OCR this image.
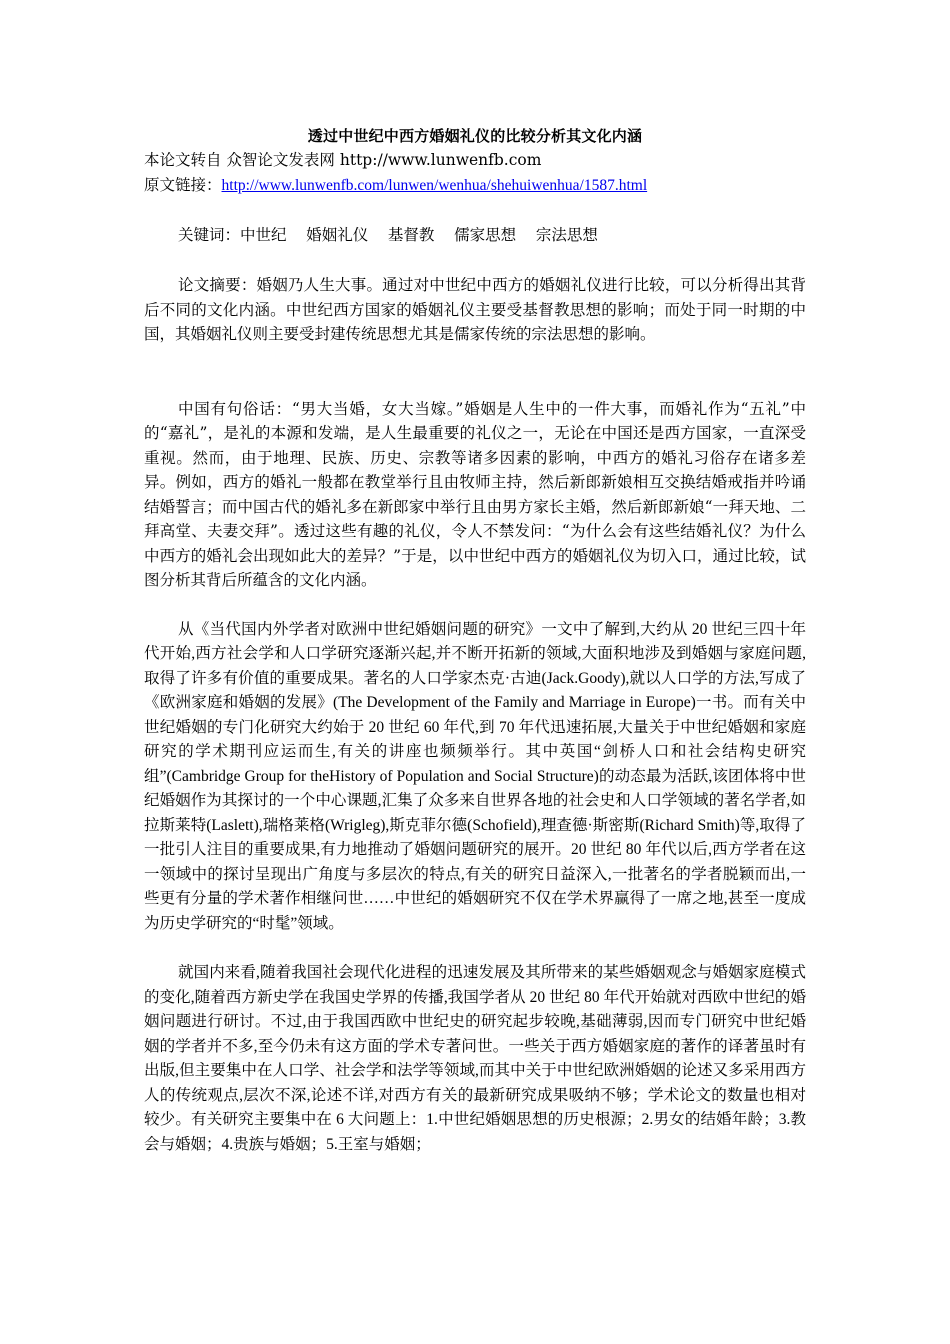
透过中世纪中西方婚姻礼仪的比较分析其文化内涵

本论文转自 众智论文发表网 http://www.lunwenfb.com

原文链接：http://www.lunwenfb.com/lunwen/wenhua/shehuiwenhua/1587.html

关键词：中世纪    婚姻礼仪    基督教    儒家思想    宗法思想

论文摘要：婚姻乃人生大事。通过对中世纪中西方的婚姻礼仪进行比较，可以分析得出其背后不同的文化内涵。中世纪西方国家的婚姻礼仪主要受基督教思想的影响；而处于同一时期的中国，其婚姻礼仪则主要受封建传统思想尤其是儒家传统的宗法思想的影响。

中国有句俗话：“男大当婚，女大当嫁。”婚姻是人生中的一件大事，而婚礼作为“五礼”中的“嘉礼”，是礼的本源和发端，是人生最重要的礼仪之一，无论在中国还是西方国家，一直深受重视。然而，由于地理、民族、历史、宗教等诸多因素的影响，中西方的婚礼习俗存在诸多差异。例如，西方的婚礼一般都在教堂举行且由牧师主持，然后新郎新娘相互交换结婚戒指并吟诵结婚誓言；而中国古代的婚礼多在新郎家中举行且由男方家长主婚，然后新郎新娘“一拜天地、二拜高堂、夫妻交拜”。透过这些有趣的礼仪，令人不禁发问：“为什么会有这些结婚礼仪？为什么中西方的婚礼会出现如此大的差异？”于是，以中世纪中西方的婚姻礼仪为切入口，通过比较，试图分析其背后所蕴含的文化内涵。

从《当代国内外学者对欧洲中世纪婚姻问题的研究》一文中了解到,大约从 20 世纪三四十年代开始,西方社会学和人口学研究逐渐兴起,并不断开拓新的领域,大面积地涉及到婚姻与家庭问题,取得了许多有价值的重要成果。著名的人口学家杰克·古迪(Jack.Goody),就以人口学的方法,写成了《欧洲家庭和婚姻的发展》(The Development of the Family and Marriage in Europe)一书。而有关中世纪婚姻的专门化研究大约始于 20 世纪 60 年代,到 70 年代迅速拓展,大量关于中世纪婚姻和家庭研究的学术期刊应运而生,有关的讲座也频频举行。其中英国“剑桥人口和社会结构史研究组”(Cambridge Group for theHistory of Population and Social Structure)的动态最为活跃,该团体将中世纪婚姻作为其探讨的一个中心课题,汇集了众多来自世界各地的社会史和人口学领域的著名学者,如拉斯莱特(Laslett),瑞格莱格(Wrigleg),斯克菲尔德(Schofield),理查德·斯密斯(Richard Smith)等,取得了一批引人注目的重要成果,有力地推动了婚姻问题研究的展开。20 世纪 80 年代以后,西方学者在这一领域中的探讨呈现出广角度与多层次的特点,有关的研究日益深入,一批著名的学者脱颖而出,一些更有分量的学术著作相继问世……中世纪的婚姻研究不仅在学术界赢得了一席之地,甚至一度成为历史学研究的“时髦”领域。

就国内来看,随着我国社会现代化进程的迅速发展及其所带来的某些婚姻观念与婚姻家庭模式的变化,随着西方新史学在我国史学界的传播,我国学者从 20 世纪 80 年代开始就对西欧中世纪的婚姻问题进行研讨。不过,由于我国西欧中世纪史的研究起步较晚,基础薄弱,因而专门研究中世纪婚姻的学者并不多,至今仍未有这方面的学术专著问世。一些关于西方婚姻家庭的著作的译著虽时有出版,但主要集中在人口学、社会学和法学等领域,而其中关于中世纪欧洲婚姻的论述又多采用西方人的传统观点,层次不深,论述不详,对西方有关的最新研究成果吸纳不够；学术论文的数量也相对较少。有关研究主要集中在 6 大问题上：1.中世纪婚姻思想的历史根源；2.男女的结婚年龄；3.教会与婚姻；4.贵族与婚姻；5.王室与婚姻；
